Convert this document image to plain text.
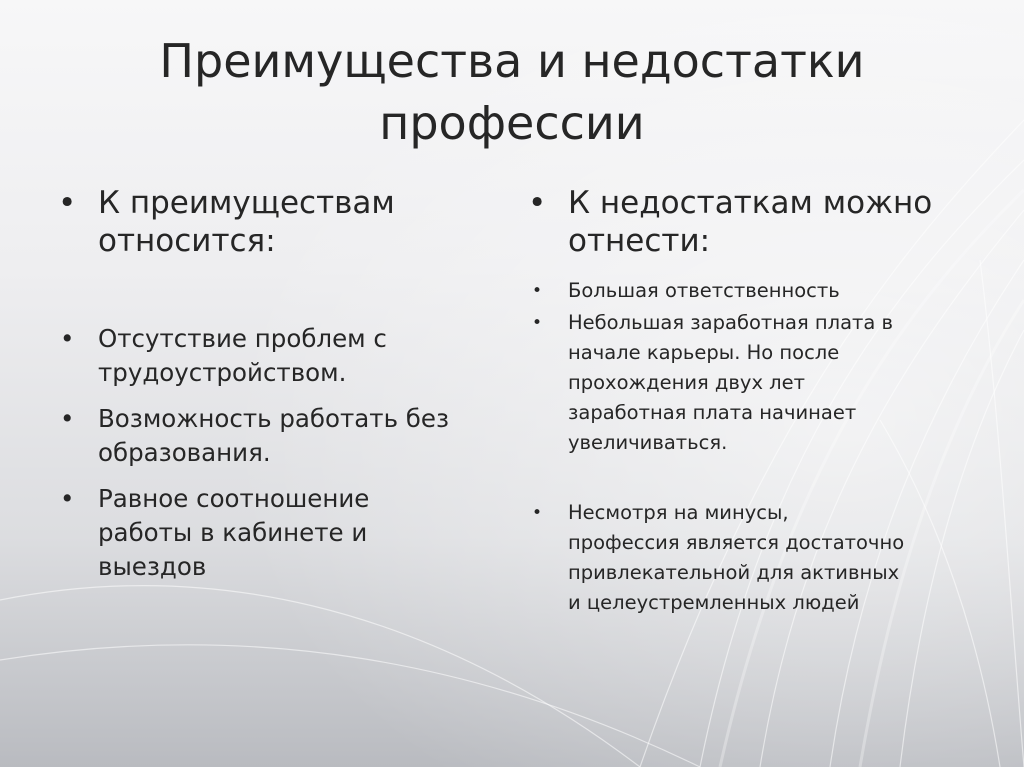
Преимущества и недостатки
профессии
• К преимуществам
относится:
• Отсутствие проблем с
трудоустройством.
• Возможность работать без
образования.
• Равное соотношение
работы в кабинете и
выездов
• К недостаткам можно
отнести:
• Большая ответственность
• Небольшая заработная плата в
начале карьеры. Но после
прохождения двух лет
заработная плата начинает
увеличиваться.
• Несмотря на минусы,
профессия является достаточно
привлекательной для активных
и целеустремленных людей
